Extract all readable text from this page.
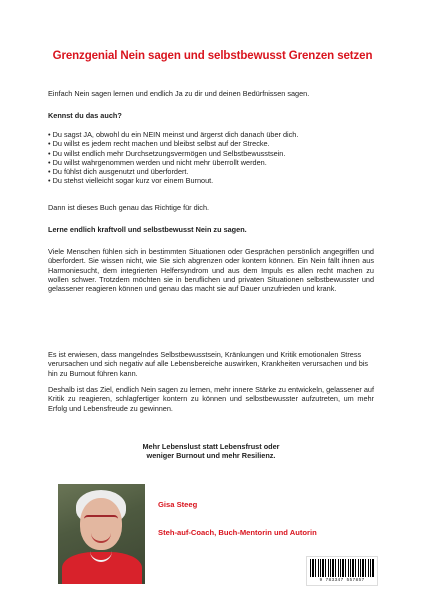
Grenzgenial Nein sagen und selbstbewusst Grenzen setzen
Einfach Nein sagen lernen und endlich Ja zu dir und deinen Bedürfnissen sagen.
Kennst du das auch?
• Du sagst JA, obwohl du ein NEIN meinst und ärgerst dich danach über dich.
• Du willst es jedem recht machen und bleibst selbst auf der Strecke.
• Du willst endlich mehr Durchsetzungsvermögen und Selbstbewusstsein.
• Du willst wahrgenommen werden und nicht mehr überrollt werden.
• Du fühlst dich ausgenutzt und überfordert.
• Du stehst vielleicht sogar kurz vor einem Burnout.
Dann ist dieses Buch genau das Richtige für dich.
Lerne endlich kraftvoll und selbstbewusst Nein zu sagen.
Viele Menschen fühlen sich in bestimmten Situationen oder Gesprächen persönlich angegriffen und überfordert. Sie wissen nicht, wie Sie sich abgrenzen oder kontern können. Ein Nein fällt ihnen aus Harmoniesucht, dem integrierten Helfersyndrom und aus dem Impuls es allen recht machen zu wollen schwer. Trotzdem möchten sie in beruflichen und privaten Situationen selbstbewusster und gelassener reagieren können und genau das macht sie auf Dauer unzufrieden und krank.
Es ist erwiesen, dass mangelndes Selbstbewusstsein, Kränkungen und Kritik emotionalen Stress verursachen und sich negativ auf alle Lebensbereiche auswirken, Krankheiten verursachen und bis hin zu Burnout führen kann.
Deshalb ist das Ziel, endlich Nein sagen zu lernen, mehr innere Stärke zu entwickeln, gelassener auf Kritik zu reagieren, schlagfertiger kontern zu können und selbstbewusster aufzutreten, um mehr Erfolg und Lebensfreude zu gewinnen.
Mehr Lebenslust statt Lebensfrust oder
weniger Burnout und mehr Resilienz.
Gisa Steeg
Steh-auf-Coach, Buch-Mentorin und Autorin
9 783347 557857
